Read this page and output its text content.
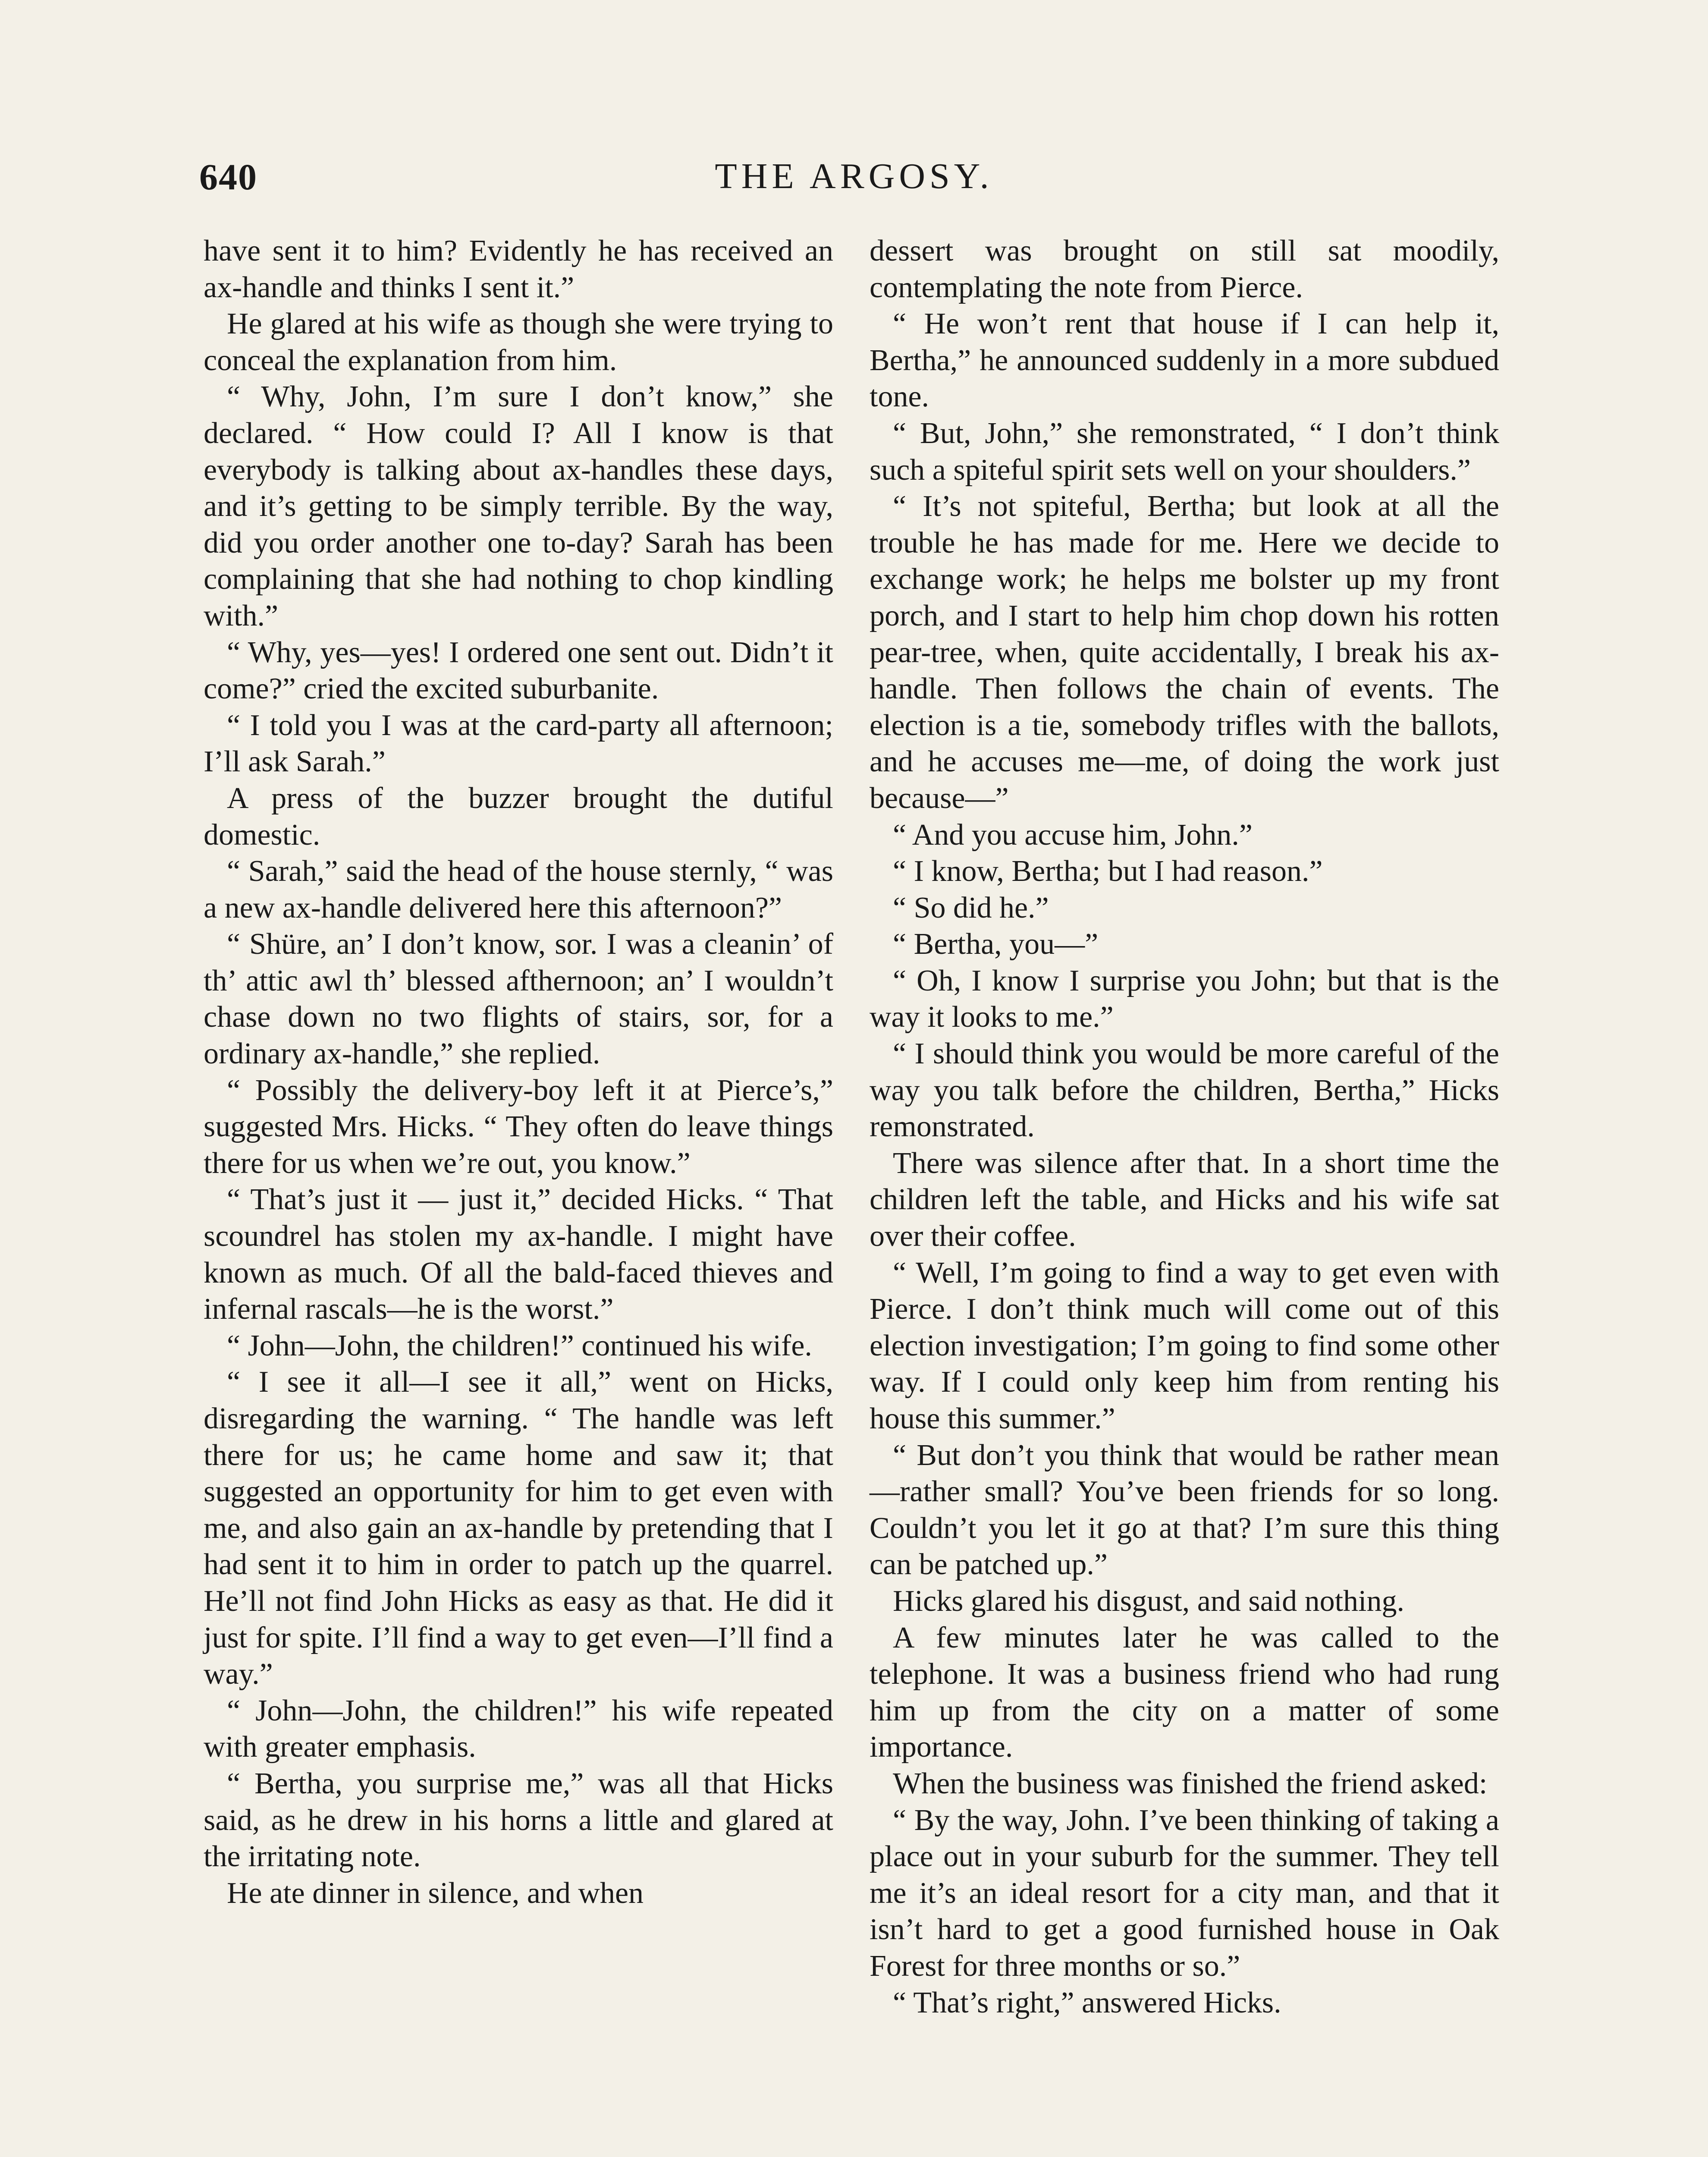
THE ARGOSY.
640

have sent it to him? Evidently he has received an ax-handle and thinks I sent it.”

He glared at his wife as though she were trying to conceal the explanation from him.

“ Why, John, I’m sure I don’t know,” she declared. “ How could I? All I know is that everybody is talking about ax-handles these days, and it’s getting to be simply terrible. By the way, did you order another one to-day? Sarah has been complaining that she had nothing to chop kindling with.”

“ Why, yes—yes! I ordered one sent out. Didn’t it come?” cried the excited suburbanite.

“ I told you I was at the card-party all afternoon; I’ll ask Sarah.”

A press of the buzzer brought the dutiful domestic.

“ Sarah,” said the head of the house sternly, “ was a new ax-handle delivered here this afternoon?”

“ Shüre, an’ I don’t know, sor. I was a cleanin’ of th’ attic awl th’ blessed afthernoon; an’ I wouldn’t chase down no two flights of stairs, sor, for a ordinary ax-handle,” she replied.

“ Possibly the delivery-boy left it at Pierce’s,” suggested Mrs. Hicks. “ They often do leave things there for us when we’re out, you know.”

“ That’s just it — just it,” decided Hicks. “ That scoundrel has stolen my ax-handle. I might have known as much. Of all the bald-faced thieves and infernal rascals—he is the worst.”

“ John—John, the children!” continued his wife.

“ I see it all—I see it all,” went on Hicks, disregarding the warning. “ The handle was left there for us; he came home and saw it; that suggested an opportunity for him to get even with me, and also gain an ax-handle by pretending that I had sent it to him in order to patch up the quarrel. He’ll not find John Hicks as easy as that. He did it just for spite. I’ll find a way to get even—I’ll find a way.”

“ John—John, the children!” his wife repeated with greater emphasis.

“ Bertha, you surprise me,” was all that Hicks said, as he drew in his horns a little and glared at the irritating note.

He ate dinner in silence, and when

dessert was brought on still sat moodily, contemplating the note from Pierce.

“ He won’t rent that house if I can help it, Bertha,” he announced suddenly in a more subdued tone.

“ But, John,” she remonstrated, “ I don’t think such a spiteful spirit sets well on your shoulders.”

“ It’s not spiteful, Bertha; but look at all the trouble he has made for me. Here we decide to exchange work; he helps me bolster up my front porch, and I start to help him chop down his rotten pear-tree, when, quite accidentally, I break his ax-handle. Then follows the chain of events. The election is a tie, somebody trifles with the ballots, and he accuses me—me, of doing the work just because—”

“ And you accuse him, John.”

“ I know, Bertha; but I had reason.”

“ So did he.”

“ Bertha, you—”

“ Oh, I know I surprise you John; but that is the way it looks to me.”

“ I should think you would be more careful of the way you talk before the children, Bertha,” Hicks remonstrated.

There was silence after that. In a short time the children left the table, and Hicks and his wife sat over their coffee.

“ Well, I’m going to find a way to get even with Pierce. I don’t think much will come out of this election investigation; I’m going to find some other way. If I could only keep him from renting his house this summer.”

“ But don’t you think that would be rather mean—rather small? You’ve been friends for so long. Couldn’t you let it go at that? I’m sure this thing can be patched up.”

Hicks glared his disgust, and said nothing.

A few minutes later he was called to the telephone. It was a business friend who had rung him up from the city on a matter of some importance.

When the business was finished the friend asked:

“ By the way, John. I’ve been thinking of taking a place out in your suburb for the summer. They tell me it’s an ideal resort for a city man, and that it isn’t hard to get a good furnished house in Oak Forest for three months or so.”

“ That’s right,” answered Hicks.
